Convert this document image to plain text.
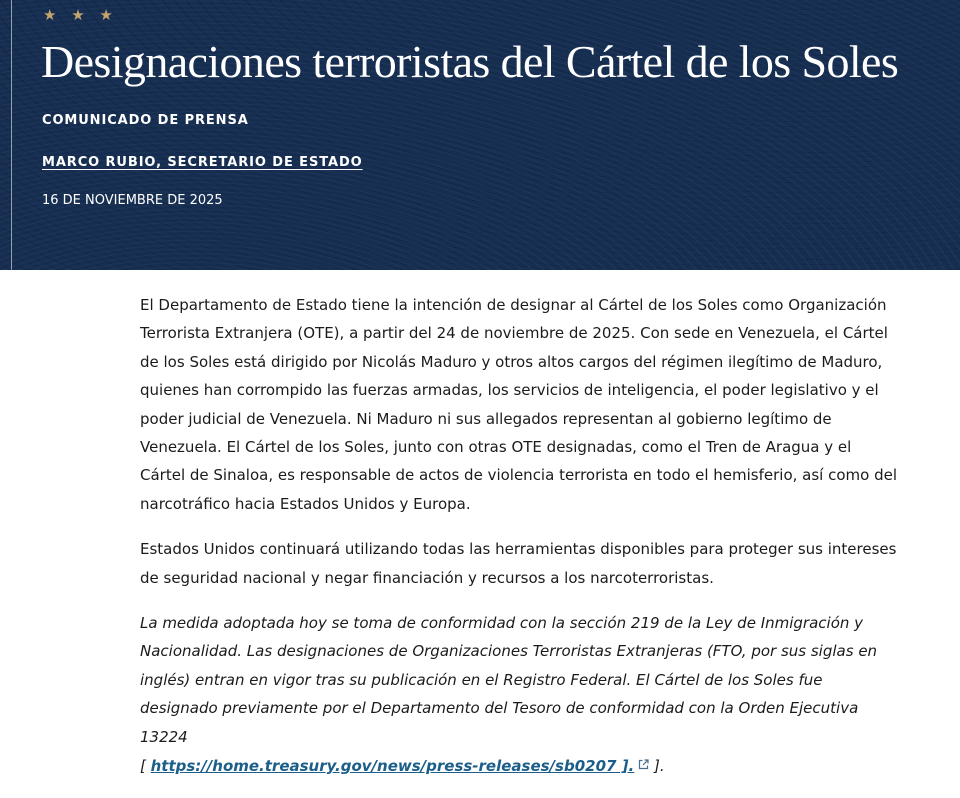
★ ★ ★
Designaciones terroristas del Cártel de los Soles
COMUNICADO DE PRENSA
MARCO RUBIO, SECRETARIO DE ESTADO
16 DE NOVIEMBRE DE 2025

El Departamento de Estado tiene la intención de designar al Cártel de los Soles como Organización Terrorista Extranjera (OTE), a partir del 24 de noviembre de 2025. Con sede en Venezuela, el Cártel de los Soles está dirigido por Nicolás Maduro y otros altos cargos del régimen ilegítimo de Maduro, quienes han corrompido las fuerzas armadas, los servicios de inteligencia, el poder legislativo y el poder judicial de Venezuela. Ni Maduro ni sus allegados representan al gobierno legítimo de Venezuela. El Cártel de los Soles, junto con otras OTE designadas, como el Tren de Aragua y el Cártel de Sinaloa, es responsable de actos de violencia terrorista en todo el hemisferio, así como del narcotráfico hacia Estados Unidos y Europa.

Estados Unidos continuará utilizando todas las herramientas disponibles para proteger sus intereses de seguridad nacional y negar financiación y recursos a los narcoterroristas.

La medida adoptada hoy se toma de conformidad con la sección 219 de la Ley de Inmigración y Nacionalidad. Las designaciones de Organizaciones Terroristas Extranjeras (FTO, por sus siglas en inglés) entran en vigor tras su publicación en el Registro Federal. El Cártel de los Soles fue designado previamente por el Departamento del Tesoro de conformidad con la Orden Ejecutiva 13224
[ https://home.treasury.gov/news/press-releases/sb0207 ]. ].
